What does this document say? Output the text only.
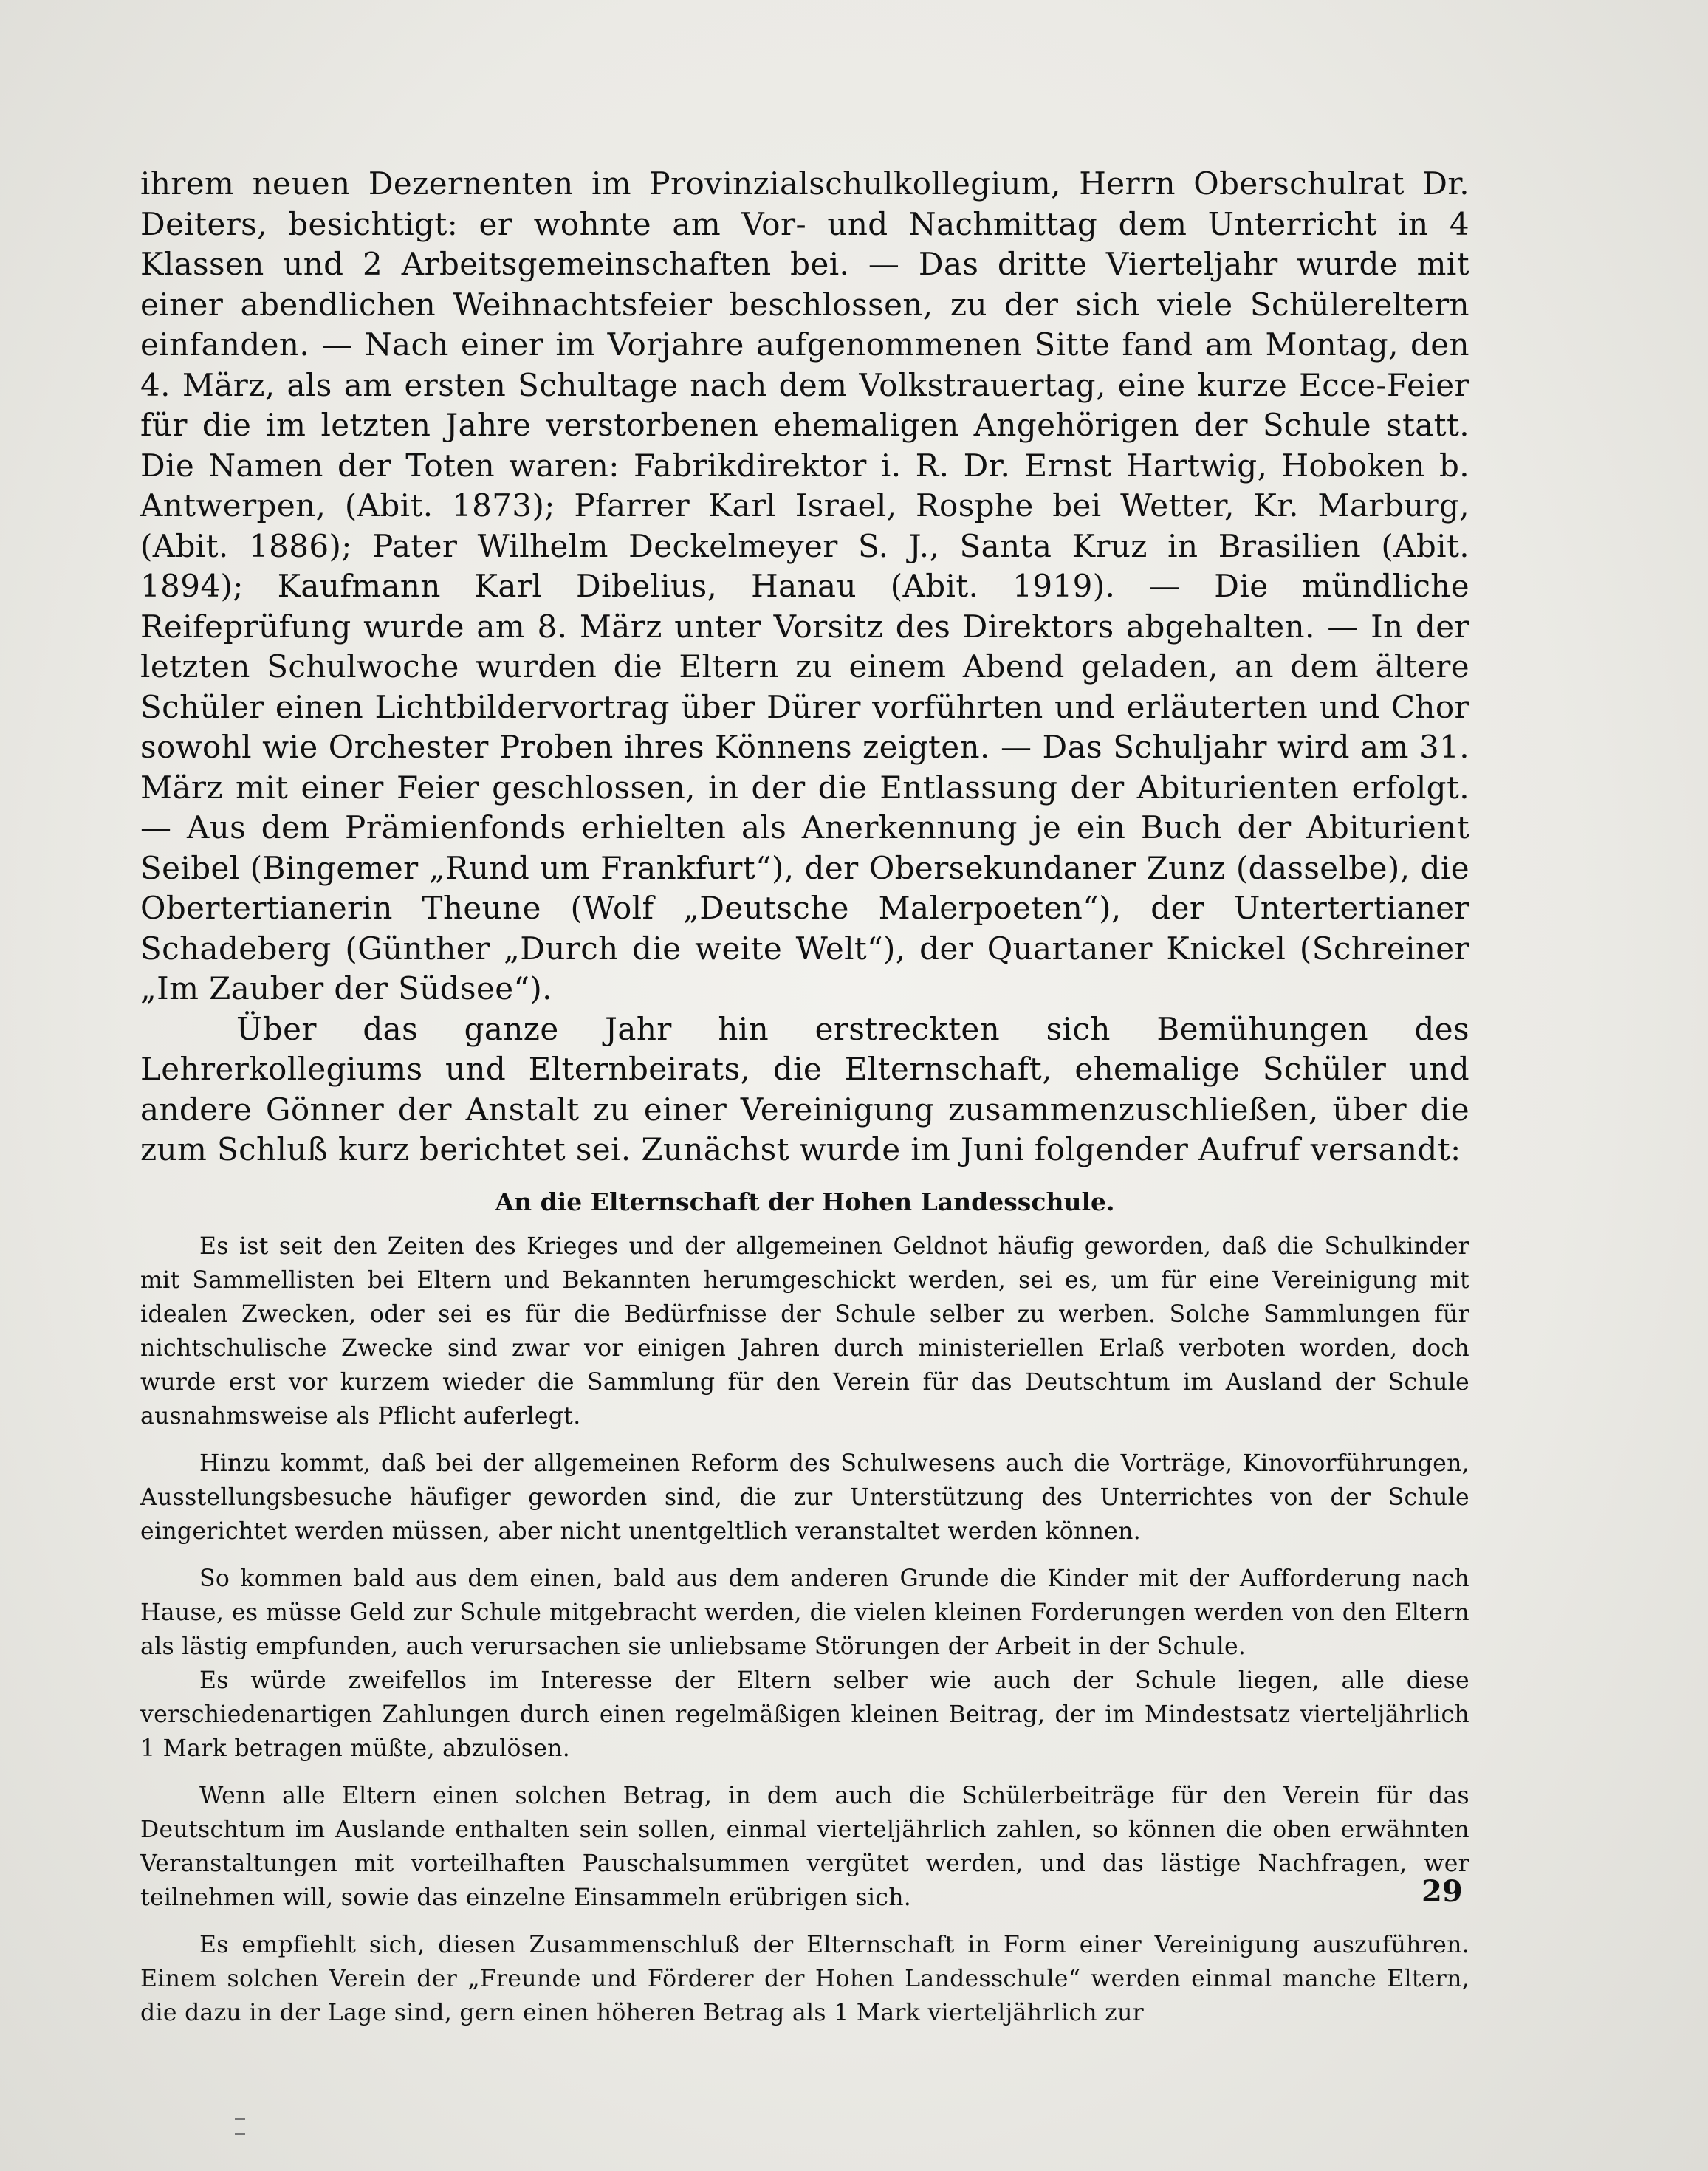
ihrem neuen Dezernenten im Provinzialschulkollegium, Herrn Oberschulrat Dr. Deiters, besichtigt: er wohnte am Vor- und Nachmittag dem Unterricht in 4 Klassen und 2 Arbeitsgemeinschaften bei. — Das dritte Vierteljahr wurde mit einer abendlichen Weihnachtsfeier beschlossen, zu der sich viele Schülereltern einfanden. — Nach einer im Vorjahre aufgenommenen Sitte fand am Montag, den 4. März, als am ersten Schultage nach dem Volkstrauertag, eine kurze Ecce-Feier für die im letzten Jahre verstorbenen ehemaligen Angehörigen der Schule statt. Die Namen der Toten waren: Fabrikdirektor i. R. Dr. Ernst Hartwig, Hoboken b. Antwerpen, (Abit. 1873); Pfarrer Karl Israel, Rosphe bei Wetter, Kr. Marburg, (Abit. 1886); Pater Wilhelm Deckelmeyer S. J., Santa Kruz in Brasilien (Abit. 1894); Kaufmann Karl Dibelius, Hanau (Abit. 1919). — Die mündliche Reifeprüfung wurde am 8. März unter Vorsitz des Direktors abgehalten. — In der letzten Schulwoche wurden die Eltern zu einem Abend geladen, an dem ältere Schüler einen Lichtbildervortrag über Dürer vorführten und erläuterten und Chor sowohl wie Orchester Proben ihres Könnens zeigten. — Das Schuljahr wird am 31. März mit einer Feier geschlossen, in der die Entlassung der Abiturienten erfolgt. — Aus dem Prämienfonds erhielten als Anerkennung je ein Buch der Abiturient Seibel (Bingemer „Rund um Frankfurt“), der Obersekundaner Zunz (dasselbe), die Obertertianerin Theune (Wolf „Deutsche Malerpoeten“), der Untertertianer Schadeberg (Günther „Durch die weite Welt“), der Quartaner Knickel (Schreiner „Im Zauber der Südsee“).

Über das ganze Jahr hin erstreckten sich Bemühungen des Lehrerkollegiums und Elternbeirats, die Elternschaft, ehemalige Schüler und andere Gönner der Anstalt zu einer Vereinigung zusammenzuschließen, über die zum Schluß kurz berichtet sei. Zunächst wurde im Juni folgender Aufruf versandt:

An die Elternschaft der Hohen Landesschule.

Es ist seit den Zeiten des Krieges und der allgemeinen Geldnot häufig geworden, daß die Schulkinder mit Sammellisten bei Eltern und Bekannten herumgeschickt werden, sei es, um für eine Vereinigung mit idealen Zwecken, oder sei es für die Bedürfnisse der Schule selber zu werben. Solche Sammlungen für nichtschulische Zwecke sind zwar vor einigen Jahren durch ministeriellen Erlaß verboten worden, doch wurde erst vor kurzem wieder die Sammlung für den Verein für das Deutschtum im Ausland der Schule ausnahmsweise als Pflicht auferlegt.

Hinzu kommt, daß bei der allgemeinen Reform des Schulwesens auch die Vorträge, Kinovorführungen, Ausstellungsbesuche häufiger geworden sind, die zur Unterstützung des Unterrichtes von der Schule eingerichtet werden müssen, aber nicht unentgeltlich veranstaltet werden können.

So kommen bald aus dem einen, bald aus dem anderen Grunde die Kinder mit der Aufforderung nach Hause, es müsse Geld zur Schule mitgebracht werden, die vielen kleinen Forderungen werden von den Eltern als lästig empfunden, auch verursachen sie unliebsame Störungen der Arbeit in der Schule.

Es würde zweifellos im Interesse der Eltern selber wie auch der Schule liegen, alle diese verschiedenartigen Zahlungen durch einen regelmäßigen kleinen Beitrag, der im Mindestsatz vierteljährlich 1 Mark betragen müßte, abzulösen.

Wenn alle Eltern einen solchen Betrag, in dem auch die Schülerbeiträge für den Verein für das Deutschtum im Auslande enthalten sein sollen, einmal vierteljährlich zahlen, so können die oben erwähnten Veranstaltungen mit vorteilhaften Pauschalsummen vergütet werden, und das lästige Nachfragen, wer teilnehmen will, sowie das einzelne Einsammeln erübrigen sich.

Es empfiehlt sich, diesen Zusammenschluß der Elternschaft in Form einer Vereinigung auszuführen. Einem solchen Verein der „Freunde und Förderer der Hohen Landesschule“ werden einmal manche Eltern, die dazu in der Lage sind, gern einen höheren Betrag als 1 Mark vierteljährlich zur

29
